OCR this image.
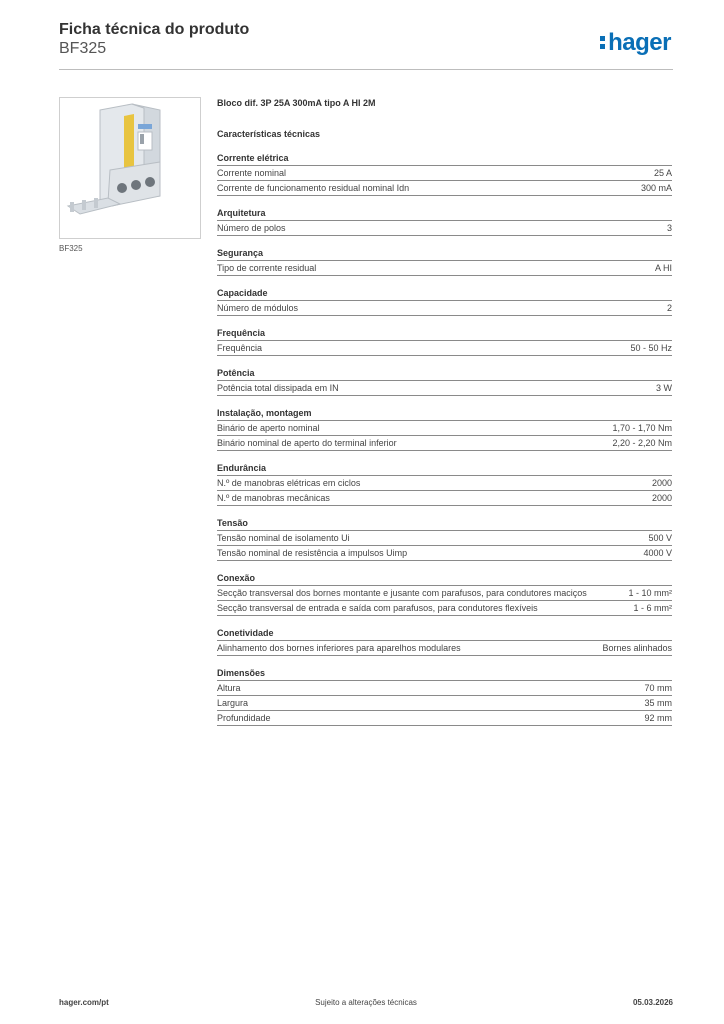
Ficha técnica do produto
BF325	hager
BF325
Bloco dif. 3P 25A 300mA tipo A HI 2M
Características técnicas
Corrente elétrica
Corrente nominal	25 A
Corrente de funcionamento residual nominal Idn	300 mA
Arquitetura
Número de polos	3
Segurança
Tipo de corrente residual	A HI
Capacidade
Número de módulos	2
Frequência
Frequência	50 - 50 Hz
Potência
Potência total dissipada em IN	3 W
Instalação, montagem
Binário de aperto nominal	1,70 - 1,70 Nm
Binário nominal de aperto do terminal inferior	2,20 - 2,20 Nm
Endurância
N.º de manobras elétricas em ciclos	2000
N.º de manobras mecânicas	2000
Tensão
Tensão nominal de isolamento Ui	500 V
Tensão nominal de resistência a impulsos Uimp	4000 V
Conexão
Secção transversal dos bornes montante e jusante com parafusos, para condutores maciços	1 - 10 mm²
Secção transversal de entrada e saída com parafusos, para condutores flexíveis	1 - 6 mm²
Conetividade
Alinhamento dos bornes inferiores para aparelhos modulares	Bornes alinhados
Dimensões
Altura	70 mm
Largura	35 mm
Profundidade	92 mm
hager.com/pt	Sujeito a alterações técnicas	05.03.2026
